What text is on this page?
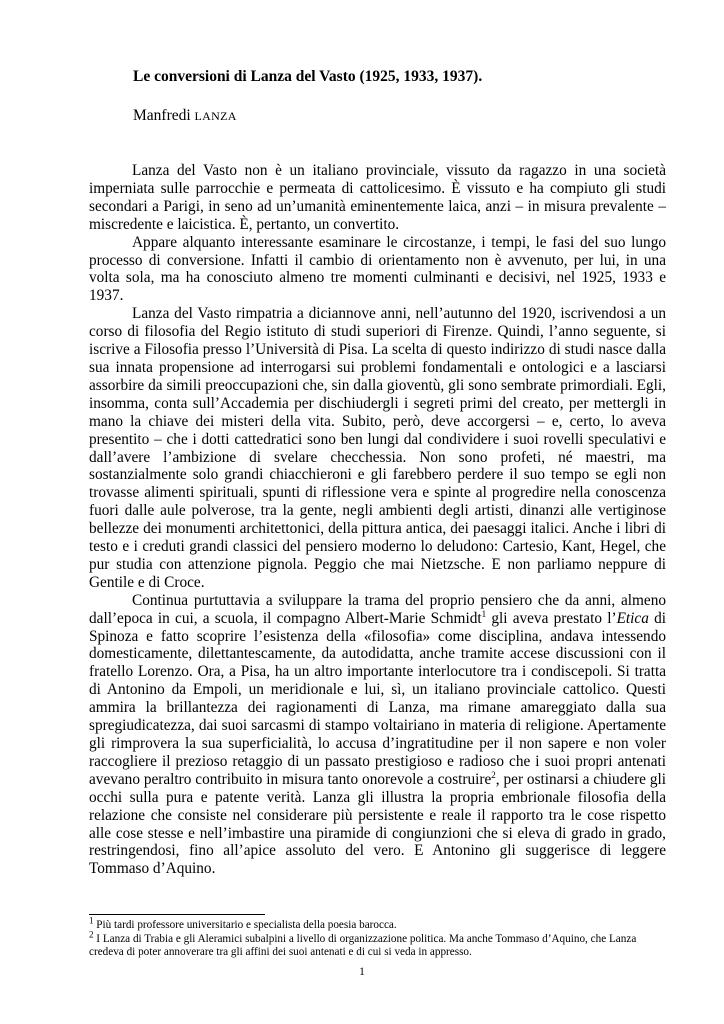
Le conversioni di Lanza del Vasto (1925, 1933, 1937).
Manfredi LANZA

Lanza del Vasto non è un italiano provinciale, vissuto da ragazzo in una società imperniata sulle parrocchie e permeata di cattolicesimo. È vissuto e ha compiuto gli studi secondari a Parigi, in seno ad un’umanità eminentemente laica, anzi – in misura prevalente – miscredente e laicistica. È, pertanto, un convertito.

Appare alquanto interessante esaminare le circostanze, i tempi, le fasi del suo lungo processo di conversione. Infatti il cambio di orientamento non è avvenuto, per lui, in una volta sola, ma ha conosciuto almeno tre momenti culminanti e decisivi, nel 1925, 1933 e 1937.

Lanza del Vasto rimpatria a diciannove anni, nell’autunno del 1920, iscrivendosi a un corso di filosofia del Regio istituto di studi superiori di Firenze. Quindi, l’anno seguente, si iscrive a Filosofia presso l’Università di Pisa. La scelta di questo indirizzo di studi nasce dalla sua innata propensione ad interrogarsi sui problemi fondamentali e ontologici e a lasciarsi assorbire da simili preoccupazioni che, sin dalla gioventù, gli sono sembrate primordiali. Egli, insomma, conta sull’Accademia per dischiudergli i segreti primi del creato, per mettergli in mano la chiave dei misteri della vita. Subito, però, deve accorgersi – e, certo, lo aveva presentito – che i dotti cattedratici sono ben lungi dal condividere i suoi rovelli speculativi e dall’avere l’ambizione di svelare checchessia. Non sono profeti, né maestri, ma sostanzialmente solo grandi chiacchieroni e gli farebbero perdere il suo tempo se egli non trovasse alimenti spirituali, spunti di riflessione vera e spinte al progredire nella conoscenza fuori dalle aule polverose, tra la gente, negli ambienti degli artisti, dinanzi alle vertiginose bellezze dei monumenti architettonici, della pittura antica, dei paesaggi italici. Anche i libri di testo e i creduti grandi classici del pensiero moderno lo deludono: Cartesio, Kant, Hegel, che pur studia con attenzione pignola. Peggio che mai Nietzsche. E non parliamo neppure di Gentile e di Croce.

Continua purtuttavia a sviluppare la trama del proprio pensiero che da anni, almeno dall’epoca in cui, a scuola, il compagno Albert-Marie Schmidt$^1$ gli aveva prestato l’Etica di Spinoza e fatto scoprire l’esistenza della «filosofia» come disciplina, andava intessendo domesticamente, dilettantescamente, da autodidatta, anche tramite accese discussioni con il fratello Lorenzo. Ora, a Pisa, ha un altro importante interlocutore tra i condiscepoli. Si tratta di Antonino da Empoli, un meridionale e lui, sì, un italiano provinciale cattolico. Questi ammira la brillantezza dei ragionamenti di Lanza, ma rimane amareggiato dalla sua spregiudicatezza, dai suoi sarcasmi di stampo voltairiano in materia di religione. Apertamente gli rimprovera la sua superficialità, lo accusa d’ingratitudine per il non sapere e non voler raccogliere il prezioso retaggio di un passato prestigioso e radioso che i suoi propri antenati avevano peraltro contribuito in misura tanto onorevole a costruire$^2$, per ostinarsi a chiudere gli occhi sulla pura e patente verità. Lanza gli illustra la propria embrionale filosofia della relazione che consiste nel considerare più persistente e reale il rapporto tra le cose rispetto alle cose stesse e nell’imbastire una piramide di congiunzioni che si eleva di grado in grado, restringendosi, fino all’apice assoluto del vero. E Antonino gli suggerisce di leggere Tommaso d’Aquino.

$^1$ Più tardi professore universitario e specialista della poesia barocca.
$^2$ I Lanza di Trabia e gli Aleramici subalpini a livello di organizzazione politica. Ma anche Tommaso d’Aquino, che Lanza credeva di poter annoverare tra gli affini dei suoi antenati e di cui si veda in appresso.
1
